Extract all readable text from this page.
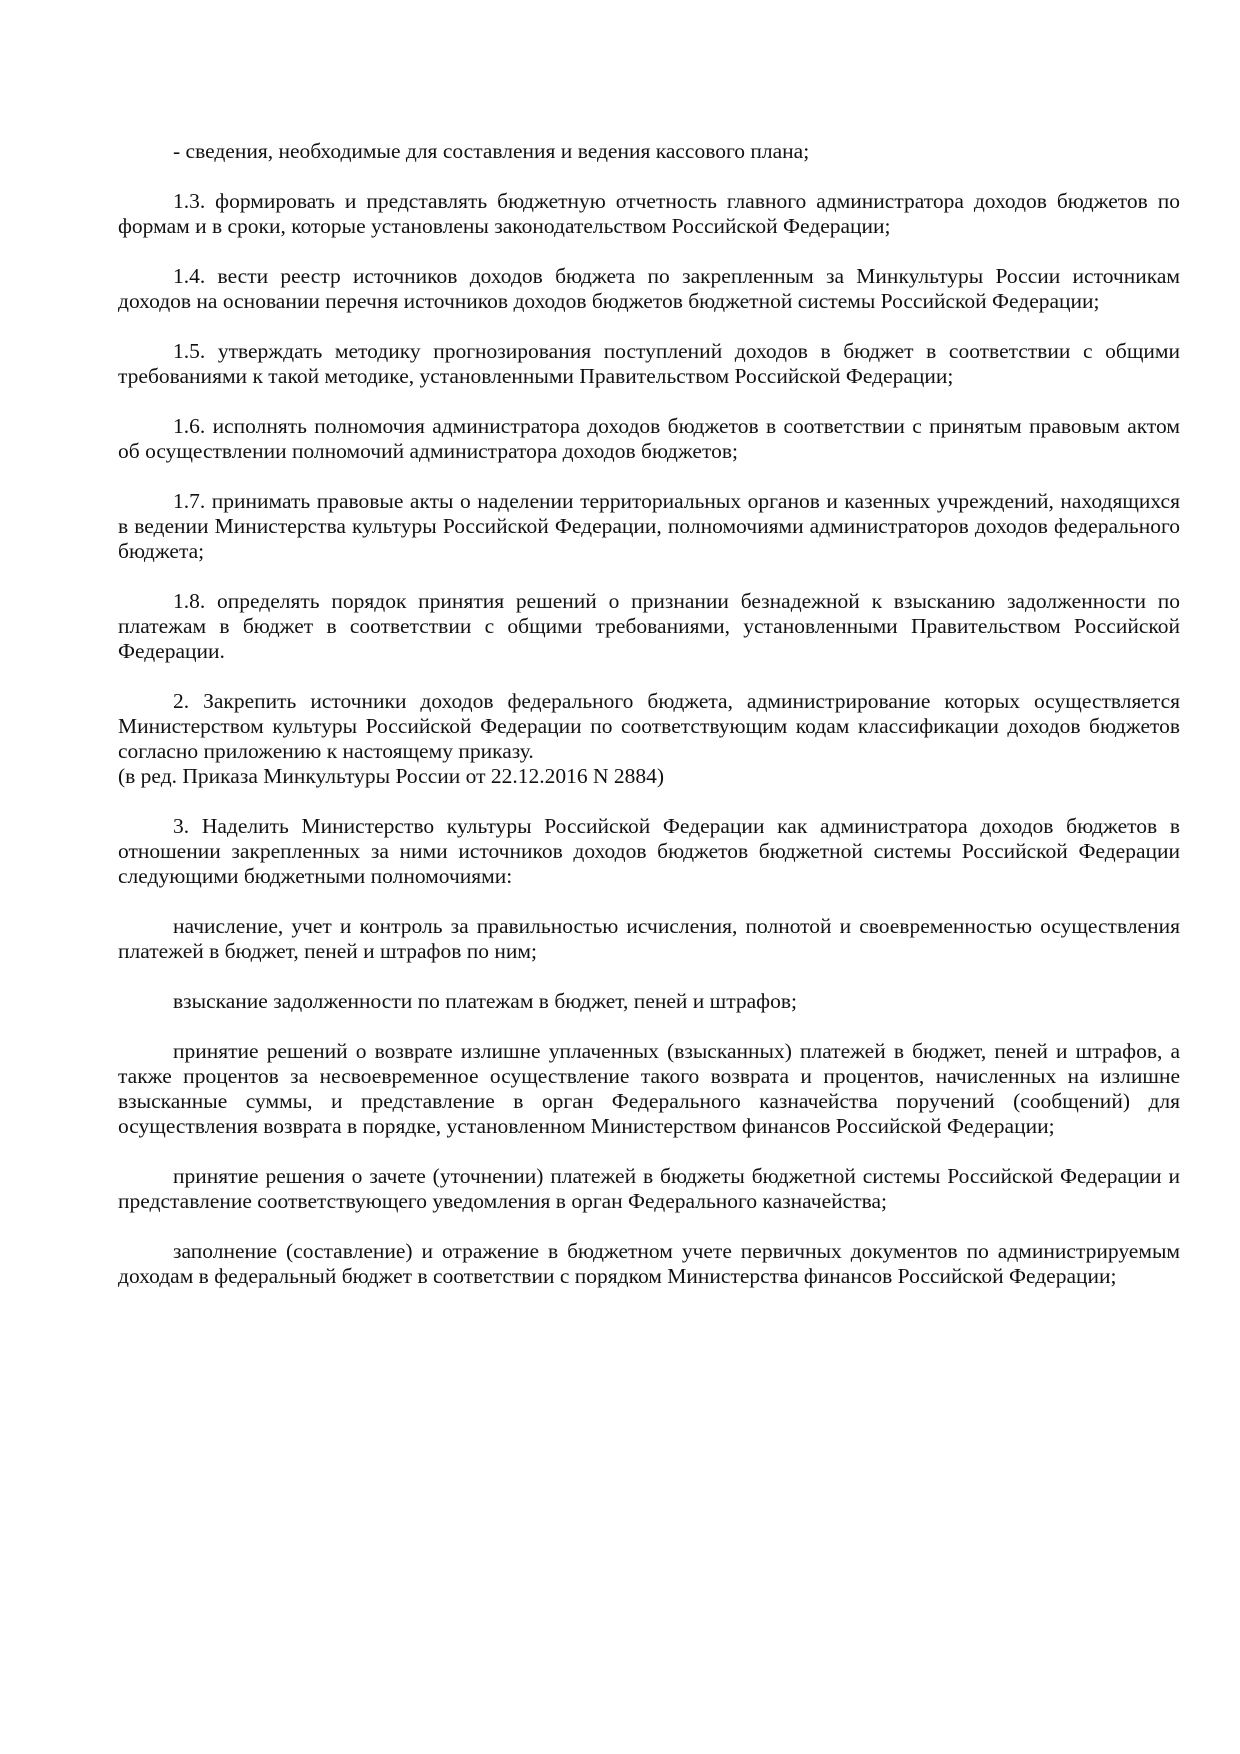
- сведения, необходимые для составления и ведения кассового плана;

1.3. формировать и представлять бюджетную отчетность главного администратора доходов бюджетов по формам и в сроки, которые установлены законодательством Российской Федерации;

1.4. вести реестр источников доходов бюджета по закрепленным за Минкультуры России источникам доходов на основании перечня источников доходов бюджетов бюджетной системы Российской Федерации;

1.5. утверждать методику прогнозирования поступлений доходов в бюджет в соответствии с общими требованиями к такой методике, установленными Правительством Российской Федерации;

1.6. исполнять полномочия администратора доходов бюджетов в соответствии с принятым правовым актом об осуществлении полномочий администратора доходов бюджетов;

1.7. принимать правовые акты о наделении территориальных органов и казенных учреждений, находящихся в ведении Министерства культуры Российской Федерации, полномочиями администраторов доходов федерального бюджета;

1.8. определять порядок принятия решений о признании безнадежной к взысканию задолженности по платежам в бюджет в соответствии с общими требованиями, установленными Правительством Российской Федерации.

2. Закрепить источники доходов федерального бюджета, администрирование которых осуществляется Министерством культуры Российской Федерации по соответствующим кодам классификации доходов бюджетов согласно приложению к настоящему приказу.

(в ред. Приказа Минкультуры России от 22.12.2016 N 2884)

3. Наделить Министерство культуры Российской Федерации как администратора доходов бюджетов в отношении закрепленных за ними источников доходов бюджетов бюджетной системы Российской Федерации следующими бюджетными полномочиями:

начисление, учет и контроль за правильностью исчисления, полнотой и своевременностью осуществления платежей в бюджет, пеней и штрафов по ним;

взыскание задолженности по платежам в бюджет, пеней и штрафов;

принятие решений о возврате излишне уплаченных (взысканных) платежей в бюджет, пеней и штрафов, а также процентов за несвоевременное осуществление такого возврата и процентов, начисленных на излишне взысканные суммы, и представление в орган Федерального казначейства поручений (сообщений) для осуществления возврата в порядке, установленном Министерством финансов Российской Федерации;

принятие решения о зачете (уточнении) платежей в бюджеты бюджетной системы Российской Федерации и представление соответствующего уведомления в орган Федерального казначейства;

заполнение (составление) и отражение в бюджетном учете первичных документов по администрируемым доходам в федеральный бюджет в соответствии с порядком Министерства финансов Российской Федерации;
